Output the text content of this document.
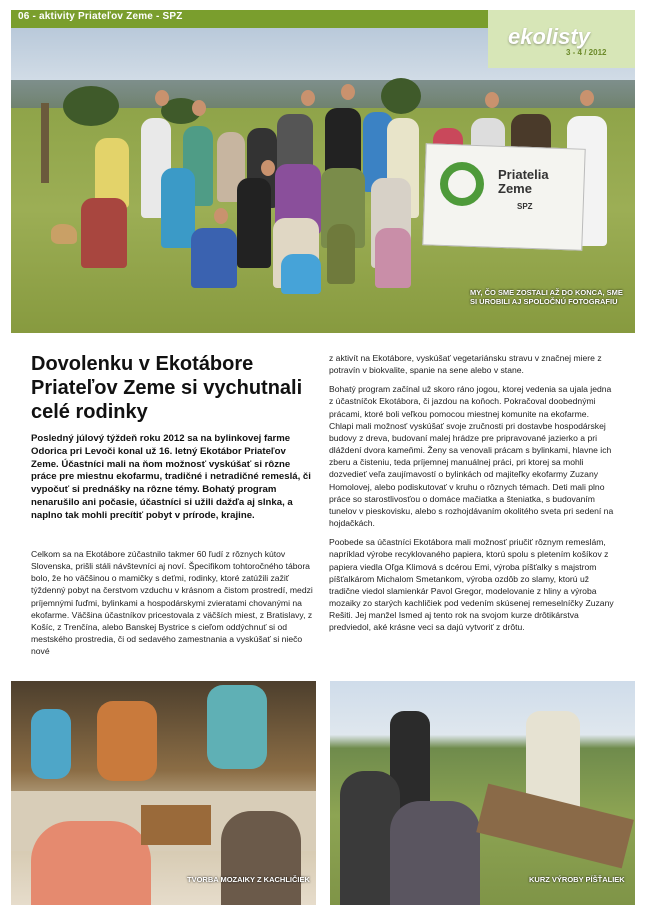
06 - aktivity Priateľov Zeme - SPZ
ekolisty
3 - 4 / 2012
Priatelia Zeme
SPZ
MY, ČO SME ZOSTALI AŽ DO KONCA, SME SI UROBILI AJ SPOLOČNÚ FOTOGRAFIU
Dovolenku v Ekotábore Priateľov Zeme si vychutnali celé rodinky

Posledný júlový týždeň roku 2012 sa na bylinkovej farme Odorica pri Levoči konal už 16. letný Ekotábor Priateľov Zeme. Účastníci mali na ňom možnosť vyskúšať si rôzne práce pre miestnu ekofarmu, tradičné i netradičné remeslá, či vypočuť si prednášky na rôzne témy. Bohatý program nenarušilo ani počasie, účastníci si užili dažďa aj slnka, a naplno tak mohli precítiť pobyt v prírode, krajine.

Celkom sa na Ekotábore zúčastnilo takmer 60 ľudí z rôznych kútov Slovenska, prišli stáli návštevníci aj noví. Špecifikom tohtoročného tábora bolo, že ho väčšinou o mamičky s deťmi, rodinky, ktoré zatúžili zažiť týždenný pobyt na čerstvom vzduchu v krásnom a čistom prostredí, medzi príjemnými ľuďmi, bylinkami a hospodárskymi zvieratami chovanými na ekofarme. Väčšina účastníkov pricestovala z väčších miest, z Bratislavy, z Košíc, z Trenčína, alebo Banskej Bystrice s cieľom oddýchnuť si od mestského prostredia, či od sedavého zamestnania a vyskúšať si niečo nové

z aktivít na Ekotábore, vyskúšať vegetariánsku stravu v značnej miere z potravín v biokvalite, spanie na sene alebo v stane.

Bohatý program začínal už skoro ráno jogou, ktorej vedenia sa ujala jedna z účastníčok Ekotábora, či jazdou na koňoch. Pokračoval doobednými prácami, ktoré boli veľkou pomocou miestnej komunite na ekofarme. Chlapi mali možnosť vyskúšať svoje zručnosti pri dostavbe hospodárskej budovy z dreva, budovaní malej hrádze pre pripravované jazierko a pri dláždení dvora kameňmi. Ženy sa venovali prácam s bylinkami, hlavne ich zberu a čisteniu, teda príjemnej manuálnej práci, pri ktorej sa mohli dozvedieť veľa zaujímavostí o bylinkách od majiteľky ekofarmy Zuzany Homolovej, alebo podiskutovať v kruhu o rôznych témach. Deti mali plno práce so starostlivosťou o domáce mačiatka a šteniatka, s budovaním tunelov v pieskovisku, alebo s rozhojdávaním okolitého sveta pri sedení na hojdačkách.

Poobede sa účastníci Ekotábora mali možnosť priučiť rôznym remeslám, napríklad výrobe recyklovaného papiera, ktorú spolu s pletením košíkov z papiera viedla Oľga Klimová s dcérou Emi, výroba píšťalky s majstrom píšťalkárom Michalom Smetankom, výroba ozdôb zo slamy, ktorú už tradične viedol slamienkár Pavol Gregor, modelovanie z hliny a výroba mozaiky zo starých kachličiek pod vedením skúsenej remeselníčky Zuzany Rešiti. Jej manžel Ismed aj tento rok na svojom kurze drôtikárstva predviedol, aké krásne veci sa dajú vytvoriť z drôtu.

TVORBA MOZAIKY Z KACHLIČIEK	KURZ VÝROBY PÍŠŤALIEK
